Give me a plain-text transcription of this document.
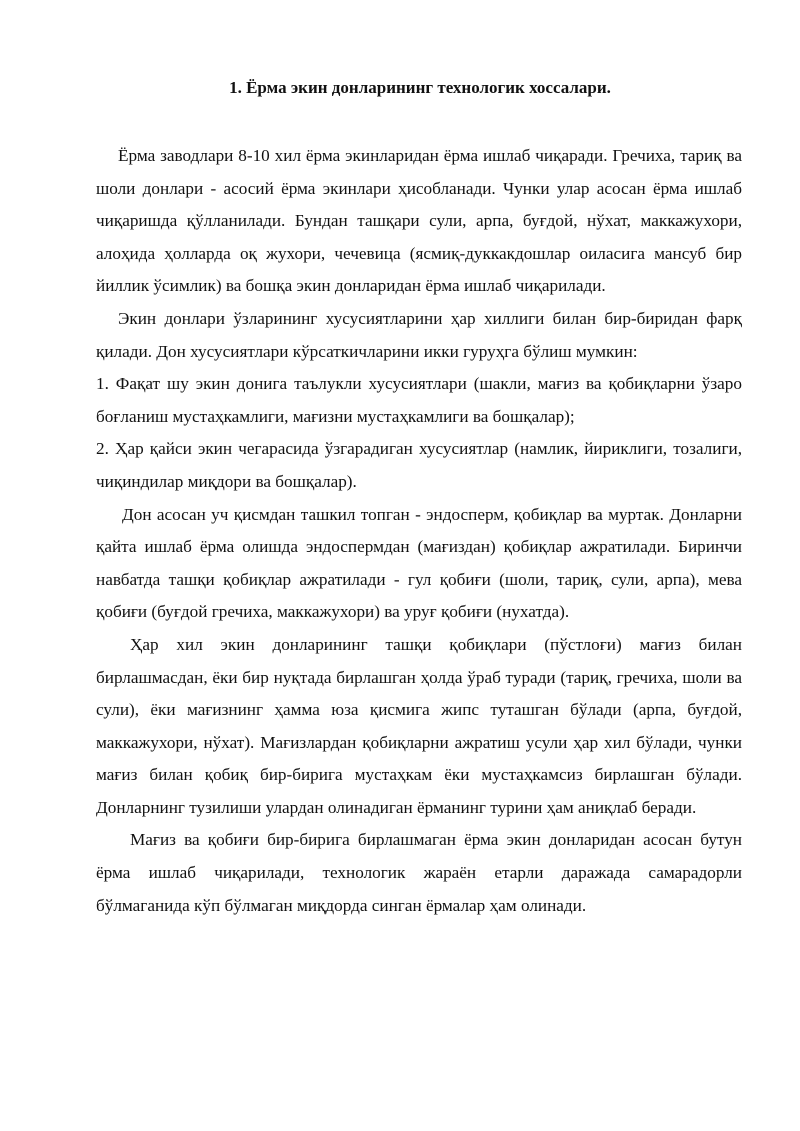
1. Ёрма экин донларининг технологик хоссалари.

Ёрма заводлари 8-10 хил ёрма экинларидан ёрма ишлаб чиқаради. Гречиха, тариқ ва шоли донлари - асосий ёрма экинлари ҳисобланади. Чунки улар асосан ёрма ишлаб чиқаришда қўлланилади. Бундан ташқари сули, арпа, буғдой, нўхат, маккажухори, алоҳида ҳолларда оқ жухори, чечевица (ясмиқ-дуккакдошлар оиласига мансуб бир йиллик ўсимлик) ва бошқа экин донларидан ёрма ишлаб чиқарилади.

Экин донлари ўзларининг хусусиятларини ҳар хиллиги билан бир-биридан фарқ қилади. Дон хусусиятлари кўрсаткичларини икки гуруҳга бўлиш мумкин:

1. Фақат шу экин донига таълукли хусусиятлари (шакли, мағиз ва қобиқларни ўзаро боғланиш мустаҳкамлиги, мағизни мустаҳкамлиги ва бошқалар);

2. Ҳар қайси экин чегарасида ўзгарадиган хусусиятлар (намлик, йириклиги, тозалиги, чиқиндилар миқдори ва бошқалар).

Дон асосан уч қисмдан ташкил топган - эндосперм, қобиқлар ва муртак. Донларни қайта ишлаб ёрма олишда эндоспермдан (мағиздан) қобиқлар ажратилади. Биринчи навбатда ташқи қобиқлар ажратилади - гул қобиғи (шоли, тариқ, сули, арпа), мева қобиғи (буғдой гречиха, маккажухори) ва уруғ қобиғи (нухатда).

Ҳар хил экин донларининг ташқи қобиқлари (пўстлоғи) мағиз билан бирлашмасдан, ёки бир нуқтада бирлашган ҳолда ўраб туради (тариқ, гречиха, шоли ва сули), ёки мағизнинг ҳамма юза қисмига жипс туташган бўлади (арпа, буғдой, маккажухори, нўхат). Мағизлардан қобиқларни ажратиш усули ҳар хил бўлади, чунки мағиз билан қобиқ бир-бирига мустаҳкам ёки мустаҳкамсиз бирлашган бўлади. Донларнинг тузилиши улардан олинадиган ёрманинг турини ҳам аниқлаб беради.

Мағиз ва қобиғи бир-бирига бирлашмаган ёрма экин донларидан асосан бутун ёрма ишлаб чиқарилади, технологик жараён етарли даражада самарадорли бўлмаганида кўп бўлмаган миқдорда синган ёрмалар ҳам олинади.
